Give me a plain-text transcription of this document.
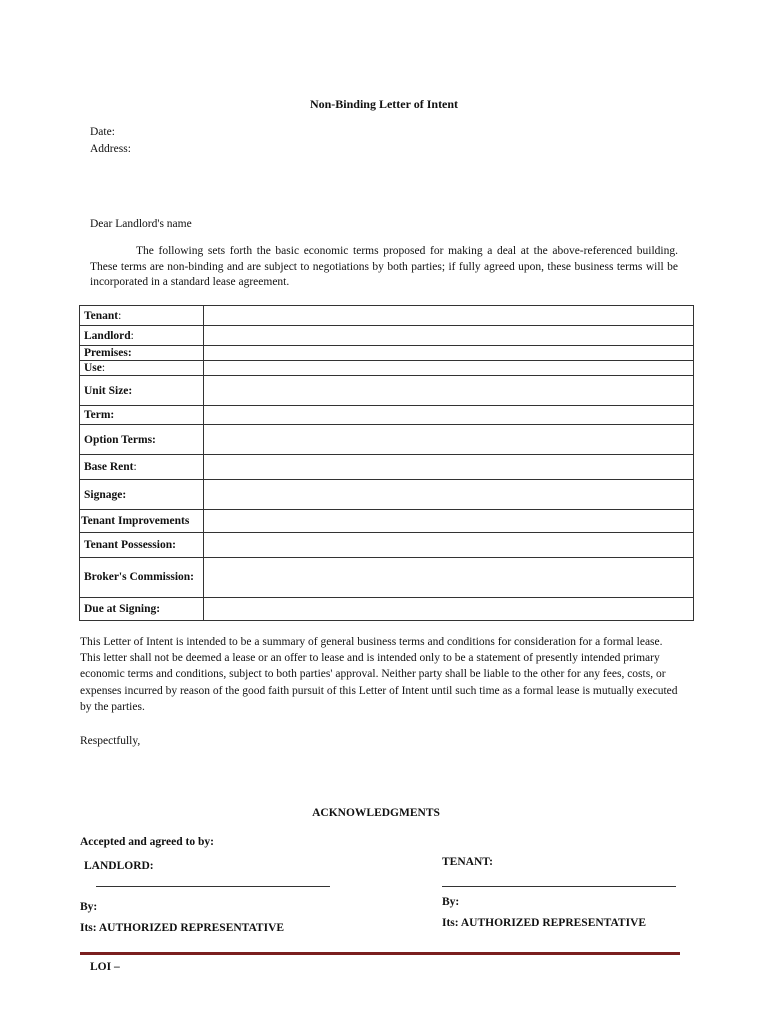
Non-Binding Letter of Intent
Date:
Address:
Dear Landlord's name
The following sets forth the basic economic terms proposed for making a deal at the above-referenced building. These terms are non-binding and are subject to negotiations by both parties; if fully agreed upon, these business terms will be incorporated in a standard lease agreement.
Tenant:	
Landlord:	
Premises:	
Use:	
Unit Size:	
Term:	
Option Terms:	
Base Rent:	
Signage:	
Tenant Improvements	
Tenant Possession:	
Broker's Commission:	
Due at Signing:	
This Letter of Intent is intended to be a summary of general business terms and conditions for consideration for a formal lease. This letter shall not be deemed a lease or an offer to lease and is intended only to be a statement of presently intended primary economic terms and conditions, subject to both parties' approval. Neither party shall be liable to the other for any fees, costs, or expenses incurred by reason of the good faith pursuit of this Letter of Intent until such time as a formal lease is mutually executed by the parties.
Respectfully,
ACKNOWLEDGMENTS
Accepted and agreed to by:
LANDLORD:
By:
Its: AUTHORIZED REPRESENTATIVE
TENANT:
By:
Its: AUTHORIZED REPRESENTATIVE
LOI –
